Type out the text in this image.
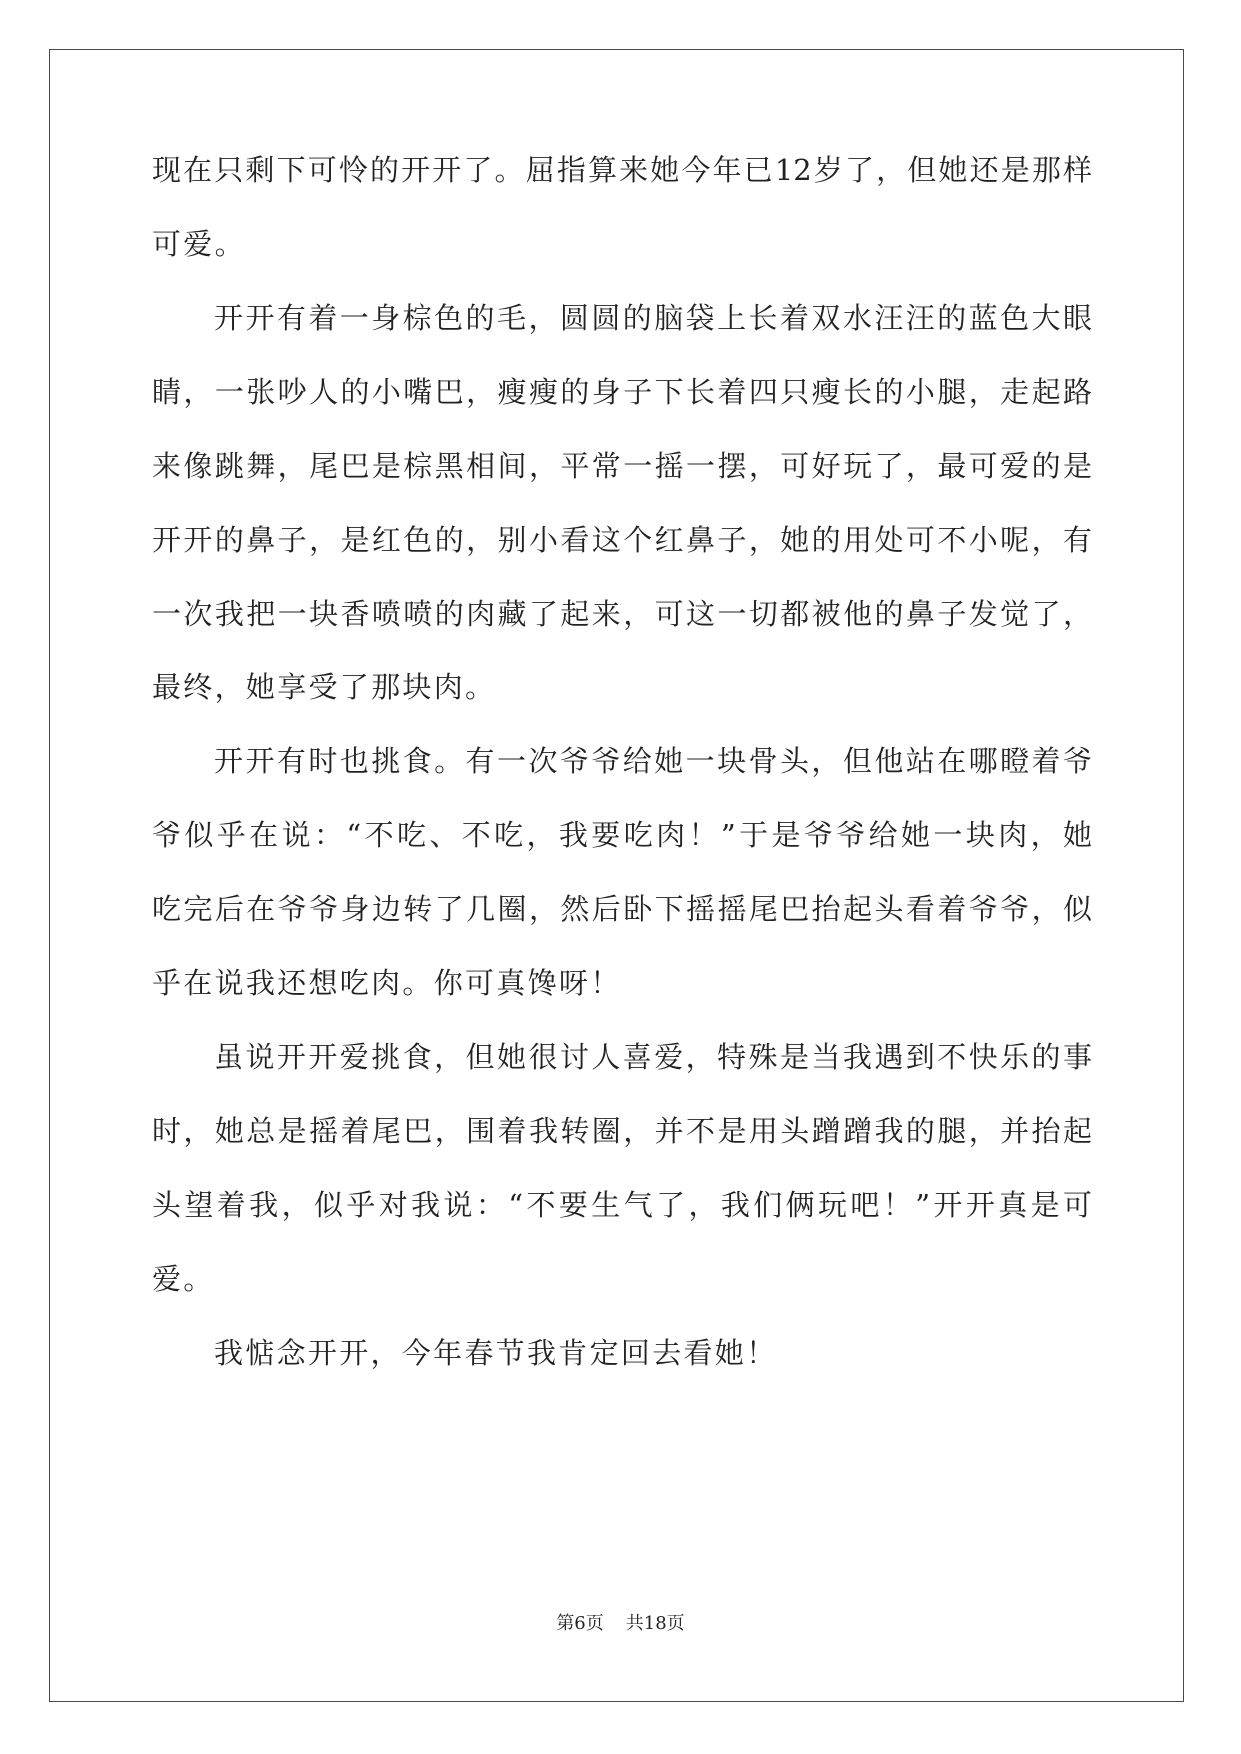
现在只剩下可怜的开开了。屈指算来她今年已12岁了，但她还是那样
可爱。
开开有着一身棕色的毛，圆圆的脑袋上长着双水汪汪的蓝色大眼
睛，一张吵人的小嘴巴，瘦瘦的身子下长着四只瘦长的小腿，走起路
来像跳舞，尾巴是棕黑相间，平常一摇一摆，可好玩了，最可爱的是
开开的鼻子，是红色的，别小看这个红鼻子，她的用处可不小呢，有
一次我把一块香喷喷的肉藏了起来，可这一切都被他的鼻子发觉了，
最终，她享受了那块肉。
开开有时也挑食。有一次爷爷给她一块骨头，但他站在哪瞪着爷
爷似乎在说：“不吃、不吃，我要吃肉！”于是爷爷给她一块肉，她
吃完后在爷爷身边转了几圈，然后卧下摇摇尾巴抬起头看着爷爷，似
乎在说我还想吃肉。你可真馋呀！
虽说开开爱挑食，但她很讨人喜爱，特殊是当我遇到不快乐的事
时，她总是摇着尾巴，围着我转圈，并不是用头蹭蹭我的腿，并抬起
头望着我，似乎对我说：“不要生气了，我们俩玩吧！”开开真是可
爱。
我惦念开开，今年春节我肯定回去看她！
第6页 共18页
